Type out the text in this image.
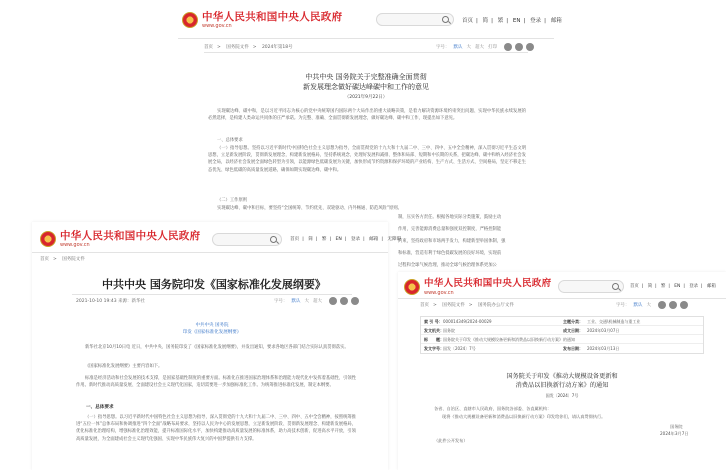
中华人民共和国中央人民政府
www.gov.cn
首页 | 简 | 繁 | EN | 登录 | 邮箱
首页 > 国务院文件 > 2024年第18号	字号： 默认 大 超大 打印
中共中央 国务院关于完整准确全面贯彻
新发展理念做好碳达峰碳中和工作的意见
（2021年9月22日）
实现碳达峰、碳中和，是以习近平同志为核心的党中央统筹国内国际两个大局作出的重大战略决策，是着力解决资源环境约束突出问题、实现中华民族永续发展的必然选择，是构建人类命运共同体的庄严承诺。为完整、准确、全面贯彻新发展理念，做好碳达峰、碳中和工作，现提出如下意见。
一、总体要求
（一）指导思想。坚持以习近平新时代中国特色社会主义思想为指导，全面贯彻党的十九大和十九届二中、三中、四中、五中全会精神，深入贯彻习近平生态文明思想，立足新发展阶段，贯彻新发展理念，构建新发展格局，坚持系统观念，处理好发展和减排、整体和局部、短期和中长期的关系，把碳达峰、碳中和纳入经济社会发展全局，以经济社会发展全面绿色转型为引领，以能源绿色低碳发展为关键，加快形成节约资源和保护环境的产业结构、生产方式、生活方式、空间格局，坚定不移走生态优先、绿色低碳的高质量发展道路，确保如期实现碳达峰、碳中和。
（二）工作原则
实现碳达峰、碳中和目标，要坚持“全国统筹、节约优先、双轮驱动、内外畅通、防范风险”原则。
制，压实各方责任。根据各地实际分类施策，鼓励主动
作用，完善能源消费总量和强度双控制度，严格控制能
约束，坚持政府和市场两手发力，构建新型举国体制，强
和标准，营造有利于绿色低碳发展的良好环境，实现前
过程和全球气候治理，推动全球气候治理体系更加公
中华人民共和国中央人民政府
www.gov.cn
首页 | 简 | 繁 | EN | 登录 | 邮箱 | 无障碍
首页 > 国务院文件
中共中央 国务院印发《国家标准化发展纲要》
2021-10-10 19:43 来源：新华社	字号： 默认 大 超大
中共中央 国务院
印发《国家标准化发展纲要》
新华社北京10月10日电 近日，中共中央、国务院印发了《国家标准化发展纲要》，并发出通知，要求各地区各部门结合实际认真贯彻落实。
《国家标准化发展纲要》主要内容如下。
标准是经济活动和社会发展的技术支撑，是国家基础性制度的重要方面。标准化在推进国家治理体系和治理能力现代化中发挥着基础性、引领性作用。新时代推动高质量发展、全面建设社会主义现代化国家，迫切需要进一步加强标准化工作。为统筹推进标准化发展，制定本纲要。
一、总体要求
（一）指导思想。以习近平新时代中国特色社会主义思想为指导，深入贯彻党的十九大和十九届二中、三中、四中、五中全会精神，按照统筹推进“五位一体”总体布局和协调推进“四个全面”战略布局要求，坚持以人民为中心的发展思想，立足新发展阶段、贯彻新发展理念、构建新发展格局，优化标准化治理结构，增强标准化治理效能，提升标准国际化水平，加快构建推动高质量发展的标准体系，助力高技术创新，促进高水平开放，引领高质量发展，为全面建成社会主义现代化强国、实现中华民族伟大复兴的中国梦提供有力支撑。
中华人民共和国中央人民政府
www.gov.cn
首页 | 简 | 繁 | EN | 登录 | 邮箱
首页 > 国务院文件 > 国务院办公厅文件	字号： 默认 大
索 引 号： 000014349/2024-00029	主题分类：	工业、交通\机械制造与重工业
发文机关： 国务院	成文日期：	2024年03月07日
标　　题： 国务院关于印发《推动大规模设备更新和消费品以旧换新行动方案》的通知
发文字号： 国发〔2024〕7号	发布日期：	2024年03月13日
国务院关于印发《推动大规模设备更新和
消费品以旧换新行动方案》的通知
国发〔2024〕7号
各省、自治区、直辖市人民政府，国务院各部委、各直属机构：
现将《推动大规模设备更新和消费品以旧换新行动方案》印发给你们，请认真贯彻执行。
国务院
2024年3月7日
（此件公开发布）
